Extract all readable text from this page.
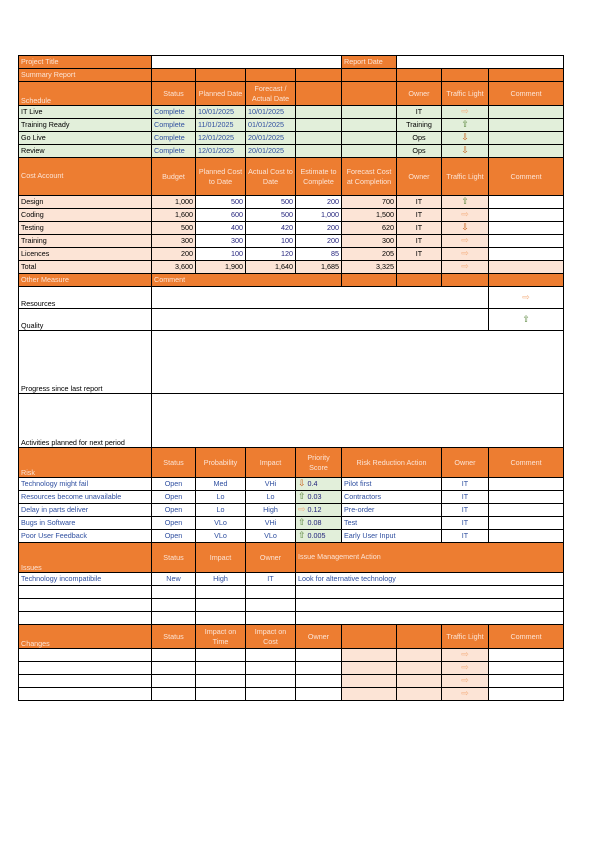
Project Title					Report Date			
Summary Report								
Schedule	Status	Planned Date	Forecast / Actual Date			Owner	Traffic Light	Comment
IT Live	Complete	10/01/2025	10/01/2025			IT	⇨	
Training Ready	Complete	11/01/2025	01/01/2025			Training	⇧	
Go Live	Complete	12/01/2025	20/01/2025			Ops	⇩	
Review	Complete	12/01/2025	20/01/2025			Ops	⇩	
Cost Account	Budget	Planned Cost to Date	Actual Cost to Date	Estimate to Complete	Forecast Cost at Completion	Owner	Traffic Light	Comment
Design	1,000	500	500	200	700	IT	⇧	
Coding	1,600	600	500	1,000	1,500	IT	⇨	
Testing	500	400	420	200	620	IT	⇩	
Training	300	300	100	200	300	IT	⇨	
Licences	200	100	120	85	205	IT	⇨	
Total	3,600	1,900	1,640	1,685	3,325		⇨	
Other Measure	Comment							
Resources								⇨
Quality								⇧
Progress since last report								
Activities planned for next period								
Risk	Status	Probability	Impact	Priority Score	Risk Reduction Action		Owner	Comment
Technology might fail	Open	Med	VHi	⇩ 0.4	Pilot first		IT	
Resources become unavailable	Open	Lo	Lo	⇧ 0.03	Contractors		IT	
Delay in parts deliver	Open	Lo	High	⇨ 0.12	Pre-order		IT	
Bugs in Software	Open	VLo	VHi	⇧ 0.08	Test		IT	
Poor User Feedback	Open	VLo	VLo	⇧ 0.005	Early User Input		IT	
Issues	Status	Impact	Owner	Issue Management Action				
Technology incompatibile	New	High	IT	Look for alternative technology				

Changes	Status	Impact on Time	Impact on Cost	Owner			Traffic Light	Comment
							⇨	
							⇨	
							⇨	
							⇨	
